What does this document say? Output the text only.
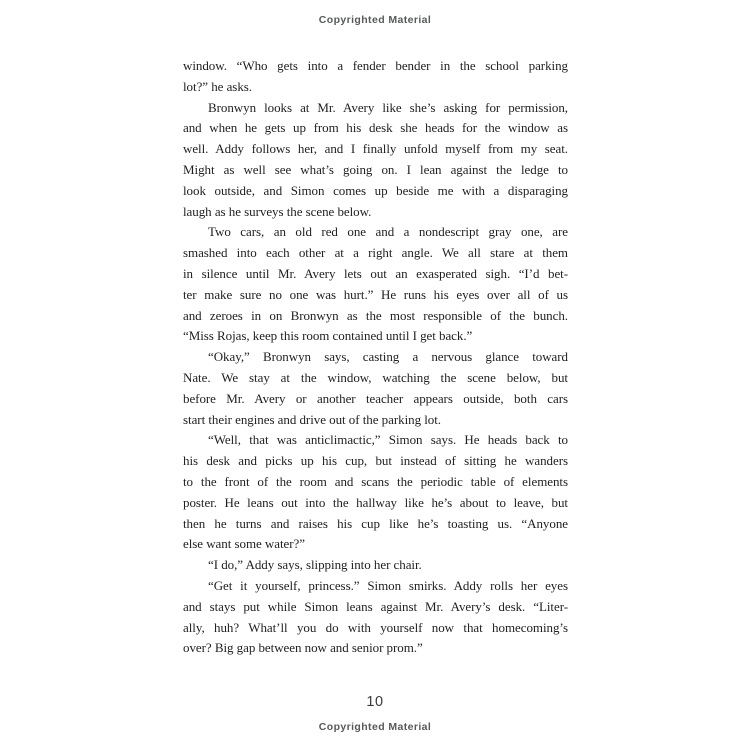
Copyrighted Material
window. “Who gets into a fender bender in the school parking
lot?” he asks.
Bronwyn looks at Mr. Avery like she’s asking for permission,
and when he gets up from his desk she heads for the window as
well. Addy follows her, and I finally unfold myself from my seat.
Might as well see what’s going on. I lean against the ledge to
look outside, and Simon comes up beside me with a disparaging
laugh as he surveys the scene below.
Two cars, an old red one and a nondescript gray one, are
smashed into each other at a right angle. We all stare at them
in silence until Mr. Avery lets out an exasperated sigh. “I’d bet-
ter make sure no one was hurt.” He runs his eyes over all of us
and zeroes in on Bronwyn as the most responsible of the bunch.
“Miss Rojas, keep this room contained until I get back.”
“Okay,” Bronwyn says, casting a nervous glance toward
Nate. We stay at the window, watching the scene below, but
before Mr. Avery or another teacher appears outside, both cars
start their engines and drive out of the parking lot.
“Well, that was anticlimactic,” Simon says. He heads back to
his desk and picks up his cup, but instead of sitting he wanders
to the front of the room and scans the periodic table of elements
poster. He leans out into the hallway like he’s about to leave, but
then he turns and raises his cup like he’s toasting us. “Anyone
else want some water?”
“I do,” Addy says, slipping into her chair.
“Get it yourself, princess.” Simon smirks. Addy rolls her eyes
and stays put while Simon leans against Mr. Avery’s desk. “Liter-
ally, huh? What’ll you do with yourself now that homecoming’s
over? Big gap between now and senior prom.”
10
Copyrighted Material
